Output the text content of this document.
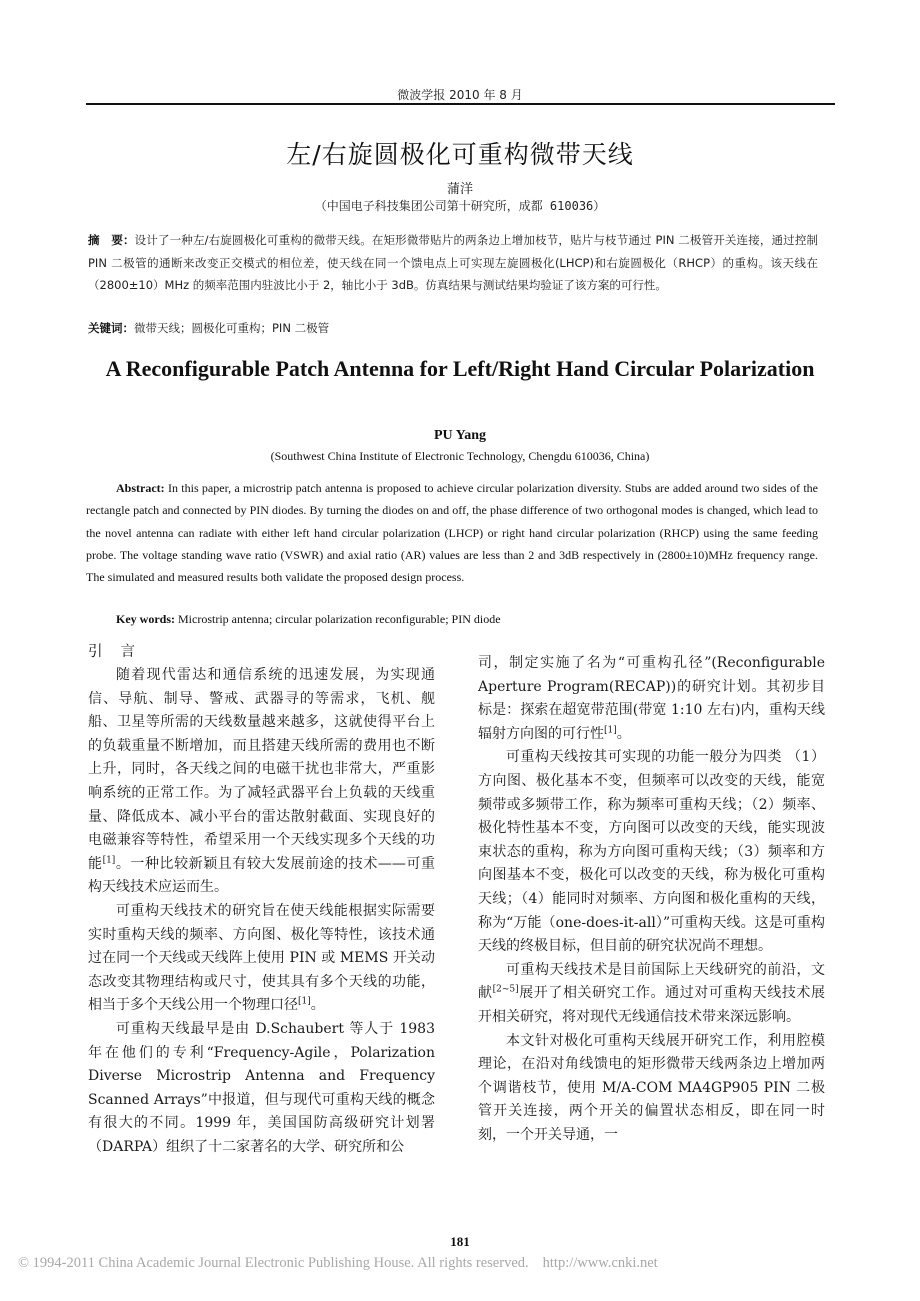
微波学报 2010 年 8 月
左/右旋圆极化可重构微带天线
蒲洋
（中国电子科技集团公司第十研究所，成都 610036）
摘　要：设计了一种左/右旋圆极化可重构的微带天线。在矩形微带贴片的两条边上增加枝节，贴片与枝节通过 PIN 二极管开关连接，通过控制 PIN 二极管的通断来改变正交模式的相位差，使天线在同一个馈电点上可实现左旋圆极化(LHCP)和右旋圆极化（RHCP）的重构。该天线在（2800±10）MHz 的频率范围内驻波比小于 2，轴比小于 3dB。仿真结果与测试结果均验证了该方案的可行性。
关键词：微带天线；圆极化可重构；PIN 二极管
A Reconfigurable Patch Antenna for Left/Right Hand Circular Polarization
PU Yang
(Southwest China Institute of Electronic Technology, Chengdu 610036, China)
Abstract: In this paper, a microstrip patch antenna is proposed to achieve circular polarization diversity. Stubs are added around two sides of the rectangle patch and connected by PIN diodes. By turning the diodes on and off, the phase difference of two orthogonal modes is changed, which lead to the novel antenna can radiate with either left hand circular polarization (LHCP) or right hand circular polarization (RHCP) using the same feeding probe. The voltage standing wave ratio (VSWR) and axial ratio (AR) values are less than 2 and 3dB respectively in (2800±10)MHz frequency range. The simulated and measured results both validate the proposed design process.
Key words: Microstrip antenna; circular polarization reconfigurable; PIN diode
引言

随着现代雷达和通信系统的迅速发展，为实现通信、导航、制导、警戒、武器寻的等需求，飞机、舰船、卫星等所需的天线数量越来越多，这就使得平台上的负载重量不断增加，而且搭建天线所需的费用也不断上升，同时，各天线之间的电磁干扰也非常大，严重影响系统的正常工作。为了减轻武器平台上负载的天线重量、降低成本、减小平台的雷达散射截面、实现良好的电磁兼容等特性，希望采用一个天线实现多个天线的功能[1]。一种比较新颖且有较大发展前途的技术——可重构天线技术应运而生。

可重构天线技术的研究旨在使天线能根据实际需要实时重构天线的频率、方向图、极化等特性，该技术通过在同一个天线或天线阵上使用 PIN 或 MEMS 开关动态改变其物理结构或尺寸，使其具有多个天线的功能，相当于多个天线公用一个物理口径[1]。

可重构天线最早是由 D.Schaubert 等人于 1983 年在他们的专利“Frequency-Agile，Polarization Diverse Microstrip Antenna and Frequency Scanned Arrays”中报道，但与现代可重构天线的概念有很大的不同。1999 年，美国国防高级研究计划署（DARPA）组织了十二家著名的大学、研究所和公

司，制定实施了名为“可重构孔径”(Reconfigurable Aperture Program(RECAP))的研究计划。其初步目标是：探索在超宽带范围(带宽 1:10 左右)内，重构天线辐射方向图的可行性[1]。

可重构天线按其可实现的功能一般分为四类 （1）方向图、极化基本不变，但频率可以改变的天线，能宽频带或多频带工作，称为频率可重构天线；（2）频率、极化特性基本不变，方向图可以改变的天线，能实现波束状态的重构，称为方向图可重构天线；（3）频率和方向图基本不变，极化可以改变的天线，称为极化可重构天线；（4）能同时对频率、方向图和极化重构的天线，称为“万能（one-does-it-all）”可重构天线。这是可重构天线的终极目标，但目前的研究状况尚不理想。

可重构天线技术是目前国际上天线研究的前沿，文献[2~5]展开了相关研究工作。通过对可重构天线技术展开相关研究，将对现代无线通信技术带来深远影响。

本文针对极化可重构天线展开研究工作，利用腔模理论，在沿对角线馈电的矩形微带天线两条边上增加两个调谐枝节，使用 M/A-COM MA4GP905 PIN 二极管开关连接，两个开关的偏置状态相反，即在同一时刻，一个开关导通，一

181
© 1994-2011 China Academic Journal Electronic Publishing House. All rights reserved. http://www.cnki.net
